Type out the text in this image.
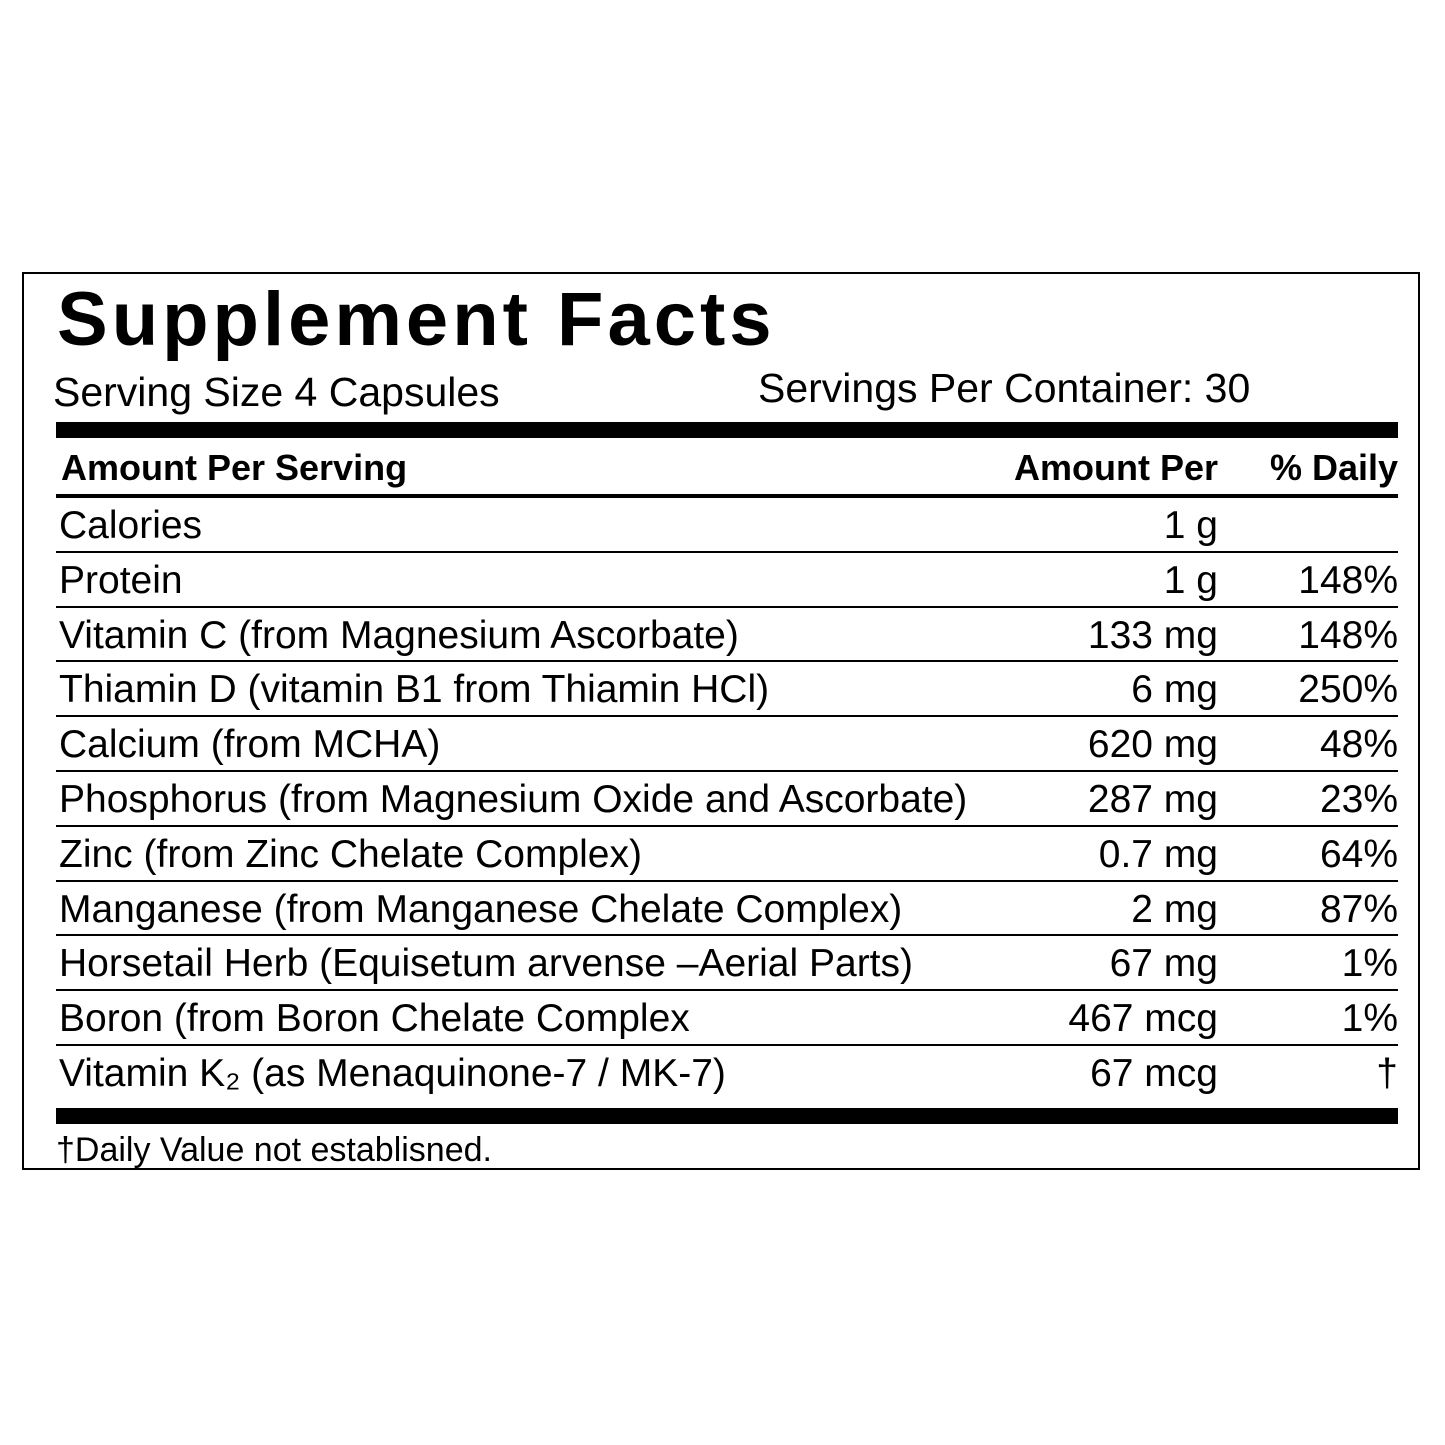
Supplement Facts
Serving Size 4 Capsules	Servings Per Container: 30
Amount Per Serving	Amount Per % Daily
Calories	1 g
Protein	1 g 148%
Vitamin C (from Magnesium Ascorbate)	133 mg 148%
Thiamin D (vitamin B1 from Thiamin HCl)	6 mg 250%
Calcium (from MCHA)	620 mg	48%
Phosphorus (from Magnesium Oxide and Ascorbate)	287 mg	23%
Zinc (from Zinc Chelate Complex)	0.7 mg	64%
Manganese (from Manganese Chelate Complex)	2 mg	87%
Horsetail Herb (Equisetum arvense –Aerial Parts)	67 mg	1%
Boron (from Boron Chelate Complex	467 mcg	1%
Vitamin K₂ (as Menaquinone-7 / MK-7)	67 mcg	†
†Daily Value not establisned.
